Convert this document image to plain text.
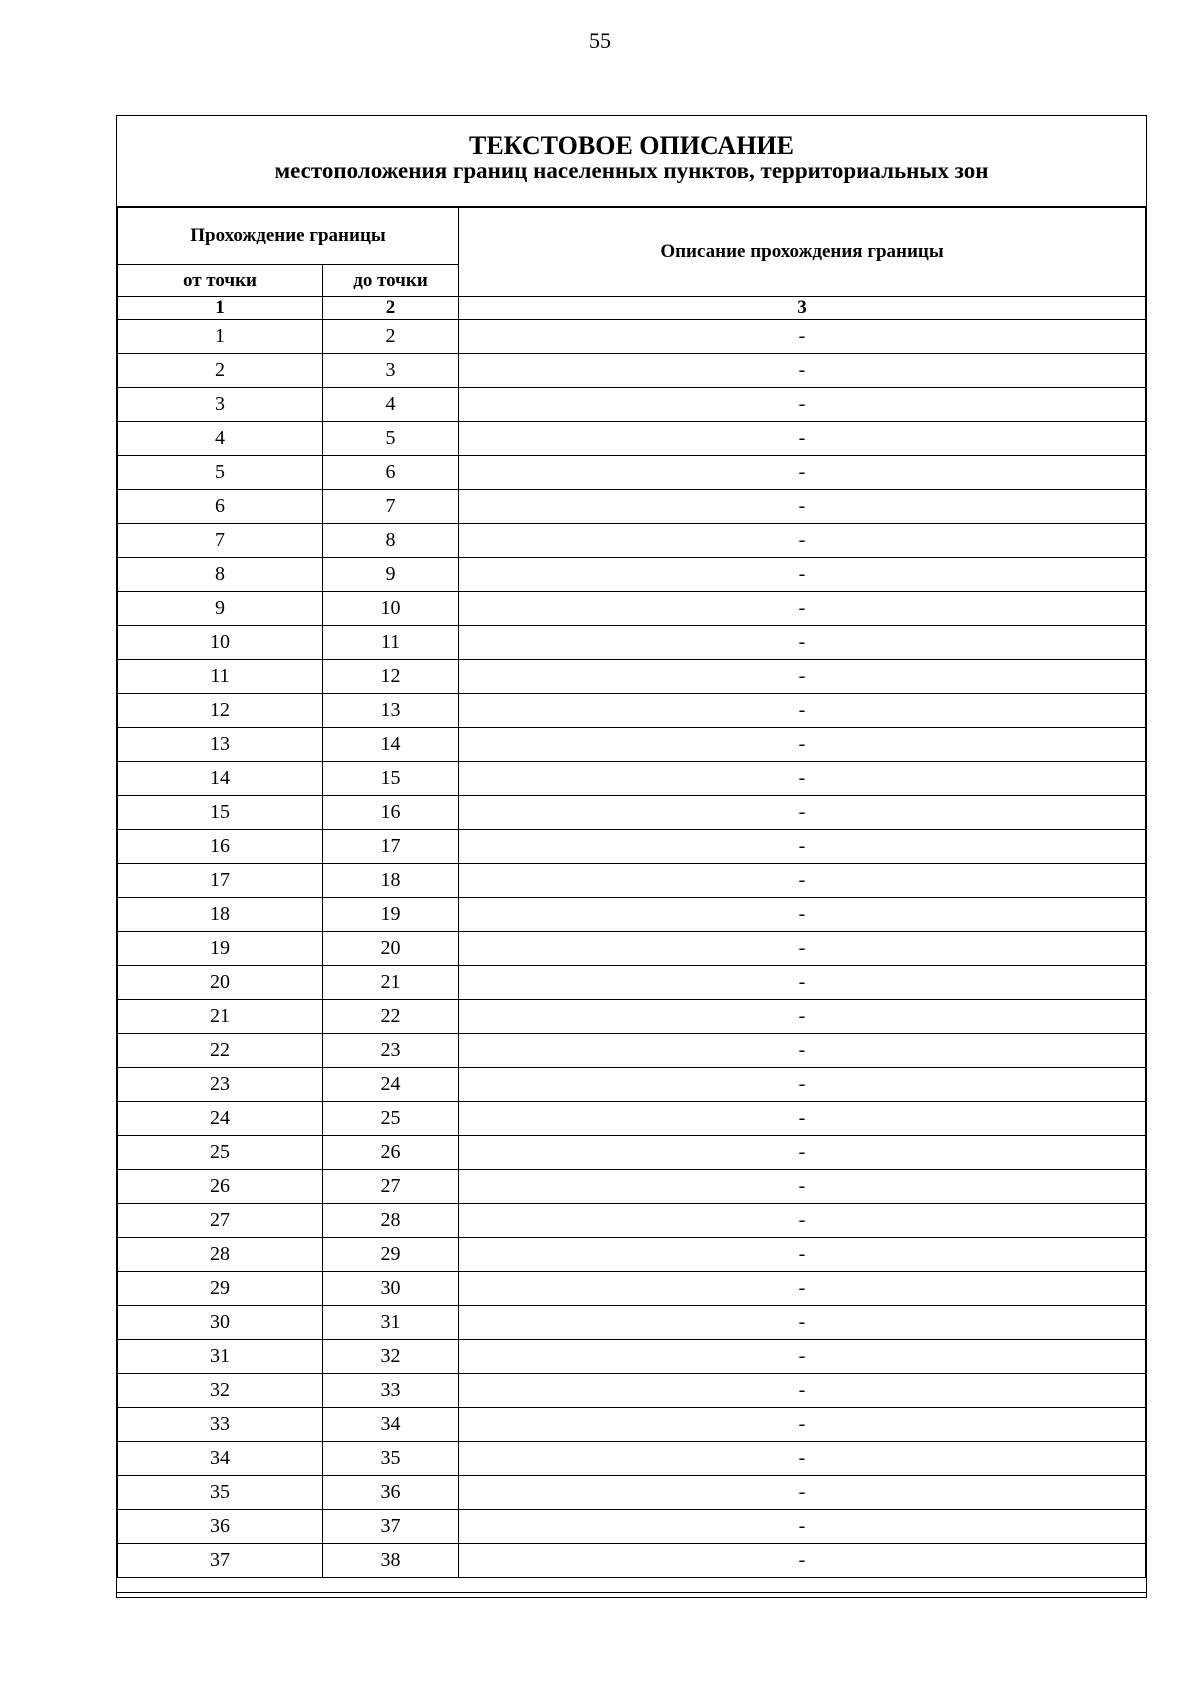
55
ТЕКСТОВОЕ ОПИСАНИЕ
местоположения границ населенных пунктов, территориальных зон
Прохождение границы		Описание прохождения границы
от точки	до точки	
1	2	3
1	2	-
2	3	-
3	4	-
4	5	-
5	6	-
6	7	-
7	8	-
8	9	-
9	10	-
10	11	-
11	12	-
12	13	-
13	14	-
14	15	-
15	16	-
16	17	-
17	18	-
18	19	-
19	20	-
20	21	-
21	22	-
22	23	-
23	24	-
24	25	-
25	26	-
26	27	-
27	28	-
28	29	-
29	30	-
30	31	-
31	32	-
32	33	-
33	34	-
34	35	-
35	36	-
36	37	-
37	38	-
